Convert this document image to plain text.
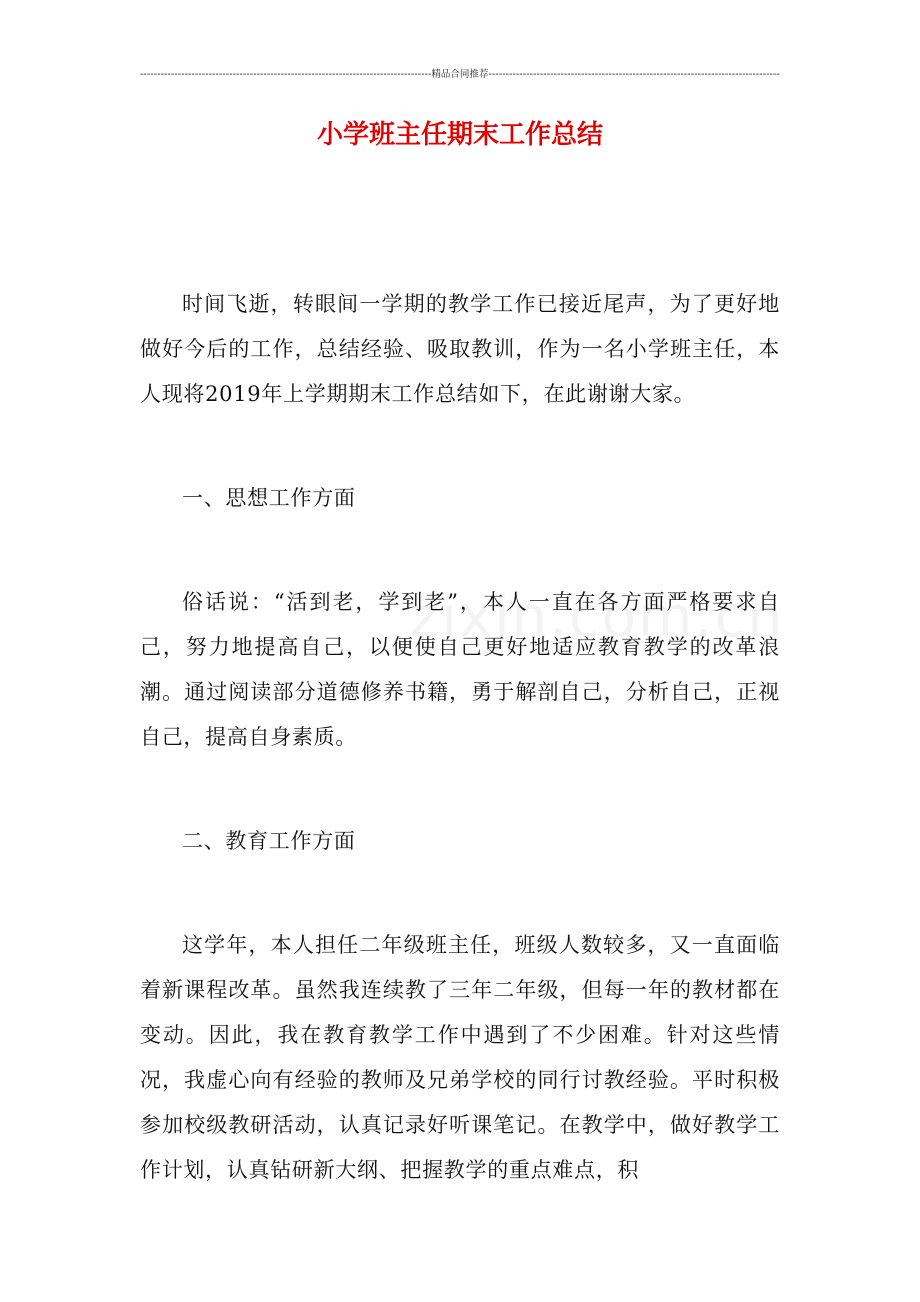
-------------------------------------------------------------------------------------精品合同推荐-------------------------------------------------------------------------------------
小学班主任期末工作总结

时间飞逝，转眼间一学期的教学工作已接近尾声，为了更好地做好今后的工作，总结经验、吸取教训，作为一名小学班主任，本人现将2019年上学期期末工作总结如下，在此谢谢大家。

一、思想工作方面

俗话说：“活到老，学到老”，本人一直在各方面严格要求自己，努力地提高自己，以便使自己更好地适应教育教学的改革浪潮。通过阅读部分道德修养书籍，勇于解剖自己，分析自己，正视自己，提高自身素质。

二、教育工作方面

这学年，本人担任二年级班主任，班级人数较多，又一直面临着新课程改革。虽然我连续教了三年二年级，但每一年的教材都在变动。因此，我在教育教学工作中遇到了不少困难。针对这些情况，我虚心向有经验的教师及兄弟学校的同行讨教经验。平时积极参加校级教研活动，认真记录好听课笔记。在教学中，做好教学工作计划，认真钻研新大纲、把握教学的重点难点，积
